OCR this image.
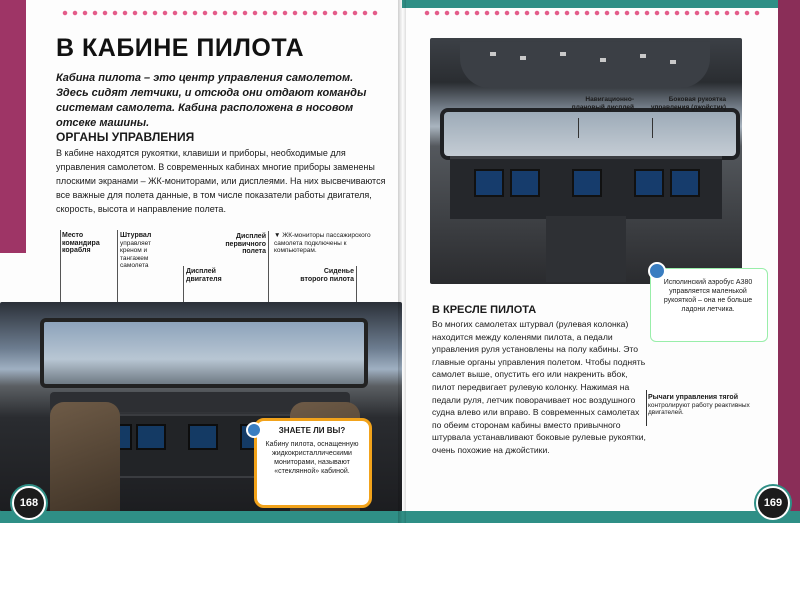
В КАБИНЕ ПИЛОТА
Кабина пилота – это центр управления самолетом. Здесь сидят летчики, и отсюда они отдают команды системам самолета. Кабина расположена в носовом отсеке машины.
ОРГАНЫ УПРАВЛЕНИЯ
В кабине находятся рукоятки, клавиши и приборы, необходимые для управления самолетом. В современных кабинах многие приборы заменены плоскими экранами – ЖК-мониторами, или дисплеями. На них высвечиваются все важные для полета данные, в том числе показатели работы двигателя, скорость, высота и направление полета.
Место командира корабля
Штурвал
управляет креном и тангажем самолета
Дисплей двигателя
Дисплей первичного полета
▼ ЖК-мониторы пассажирского самолета подключены к компьютерам.
Сиденье второго пилота
ЗНАЕТЕ ЛИ ВЫ?
Кабину пилота, оснащенную жидкокристаллическими мониторами, называют «стеклянной» кабиной.
168
Навигационно-плановый дисплей
Боковая рукоятка управления (джойстик)
Исполинский аэробус A380 управляется маленькой рукояткой – она не больше ладони летчика.
В КРЕСЛЕ ПИЛОТА
Во многих самолетах штурвал (рулевая колонка) находится между коленями пилота, а педали управления руля установлены на полу кабины. Это главные органы управления полетом. Чтобы поднять самолет выше, опустить его или накренить вбок, пилот передвигает рулевую колонку. Нажимая на педали руля, летчик поворачивает нос воздушного судна влево или вправо. В современных самолетах по обеим сторонам кабины вместо привычного штурвала устанавливают боковые рулевые рукоятки, очень похожие на джойстики.
Рычаги управления тягой
контролируют работу реактивных двигателей.
169
